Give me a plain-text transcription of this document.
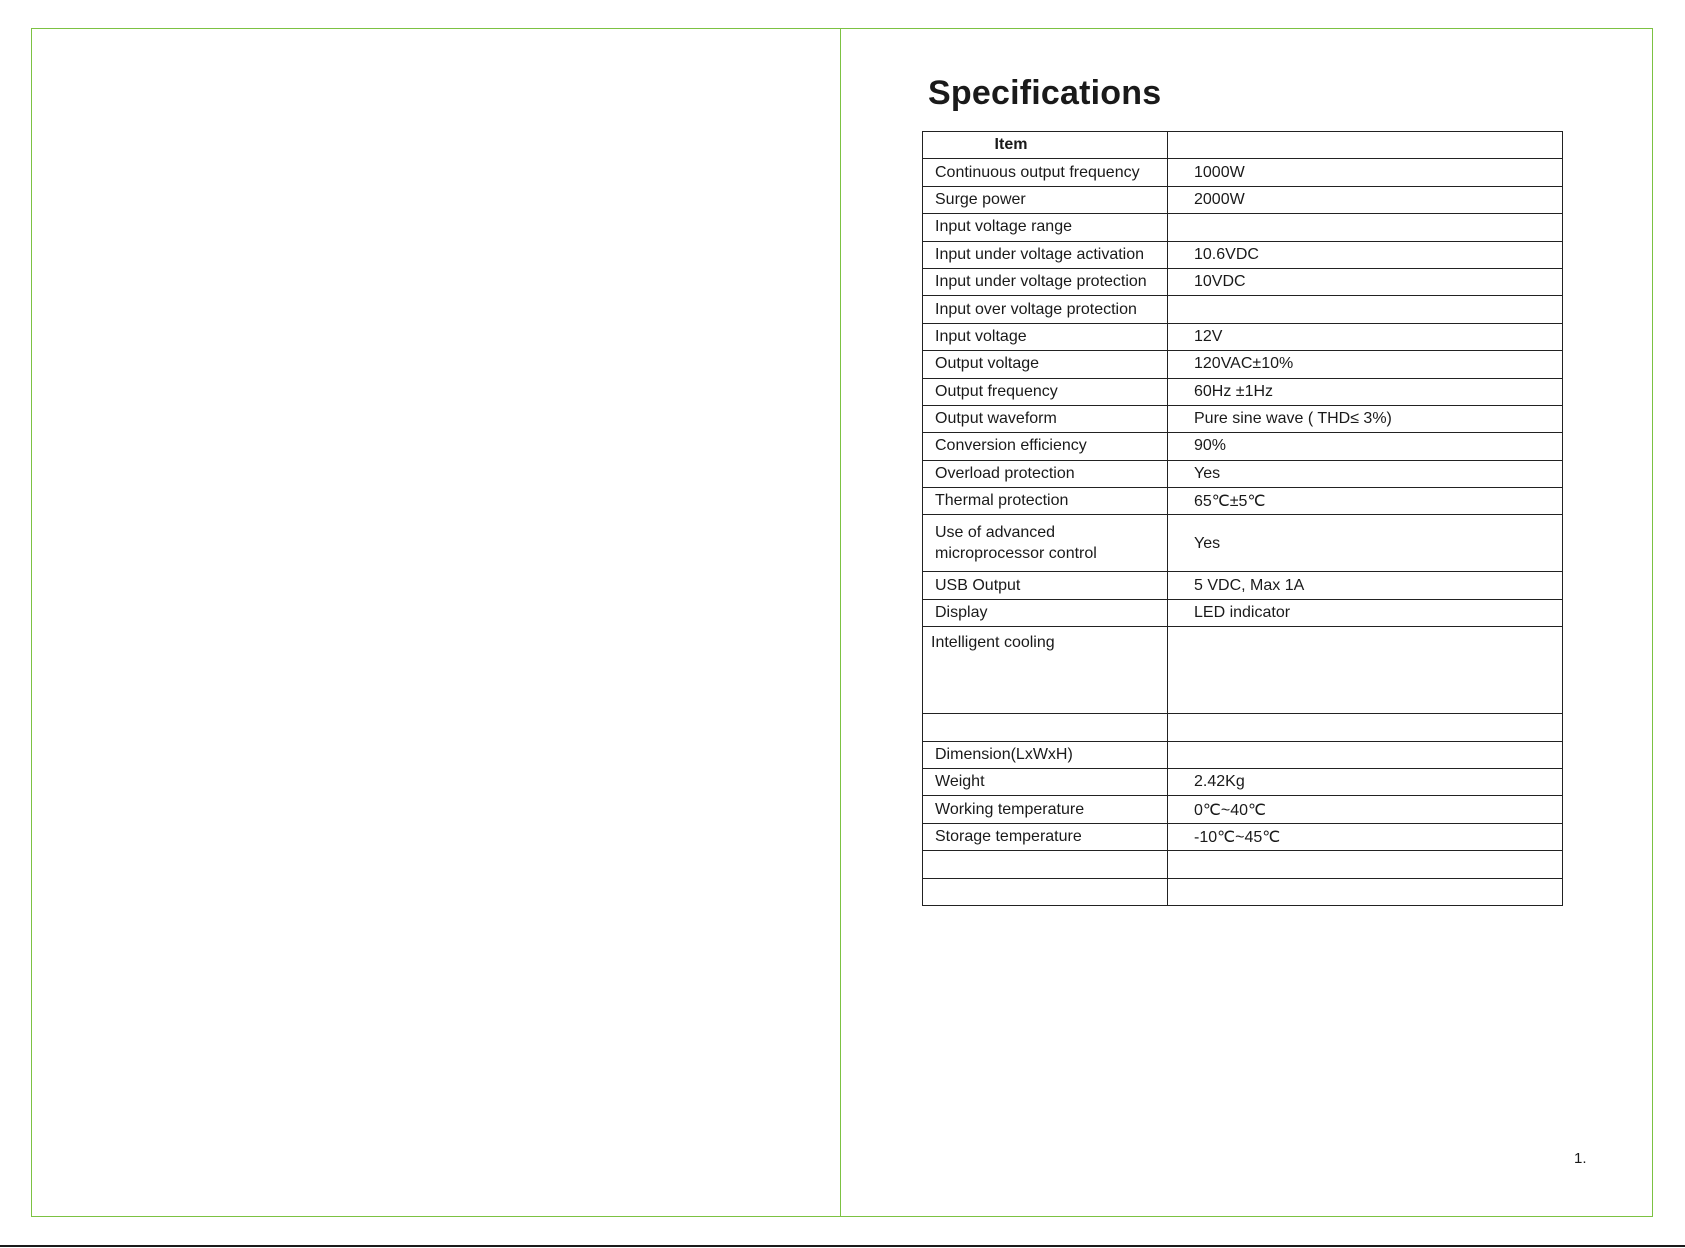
Specifications
Item	
Continuous output frequency	1000W
Surge power	2000W
Input voltage range	
Input under voltage activation	10.6VDC
Input under voltage protection	10VDC
Input over voltage protection	
Input voltage	12V
Output voltage	120VAC±10%
Output frequency	60Hz ±1Hz
Output waveform	Pure sine wave ( THD≤ 3%)
Conversion efficiency	90%
Overload protection	Yes
Thermal protection	65℃±5℃
Use of advanced microprocessor control	Yes
USB Output	5 VDC, Max 1A
Display	LED indicator
Intelligent cooling	

Dimension(LxWxH)	
Weight	2.42Kg
Working temperature	0℃~40℃
Storage temperature	-10℃~45℃

1.
